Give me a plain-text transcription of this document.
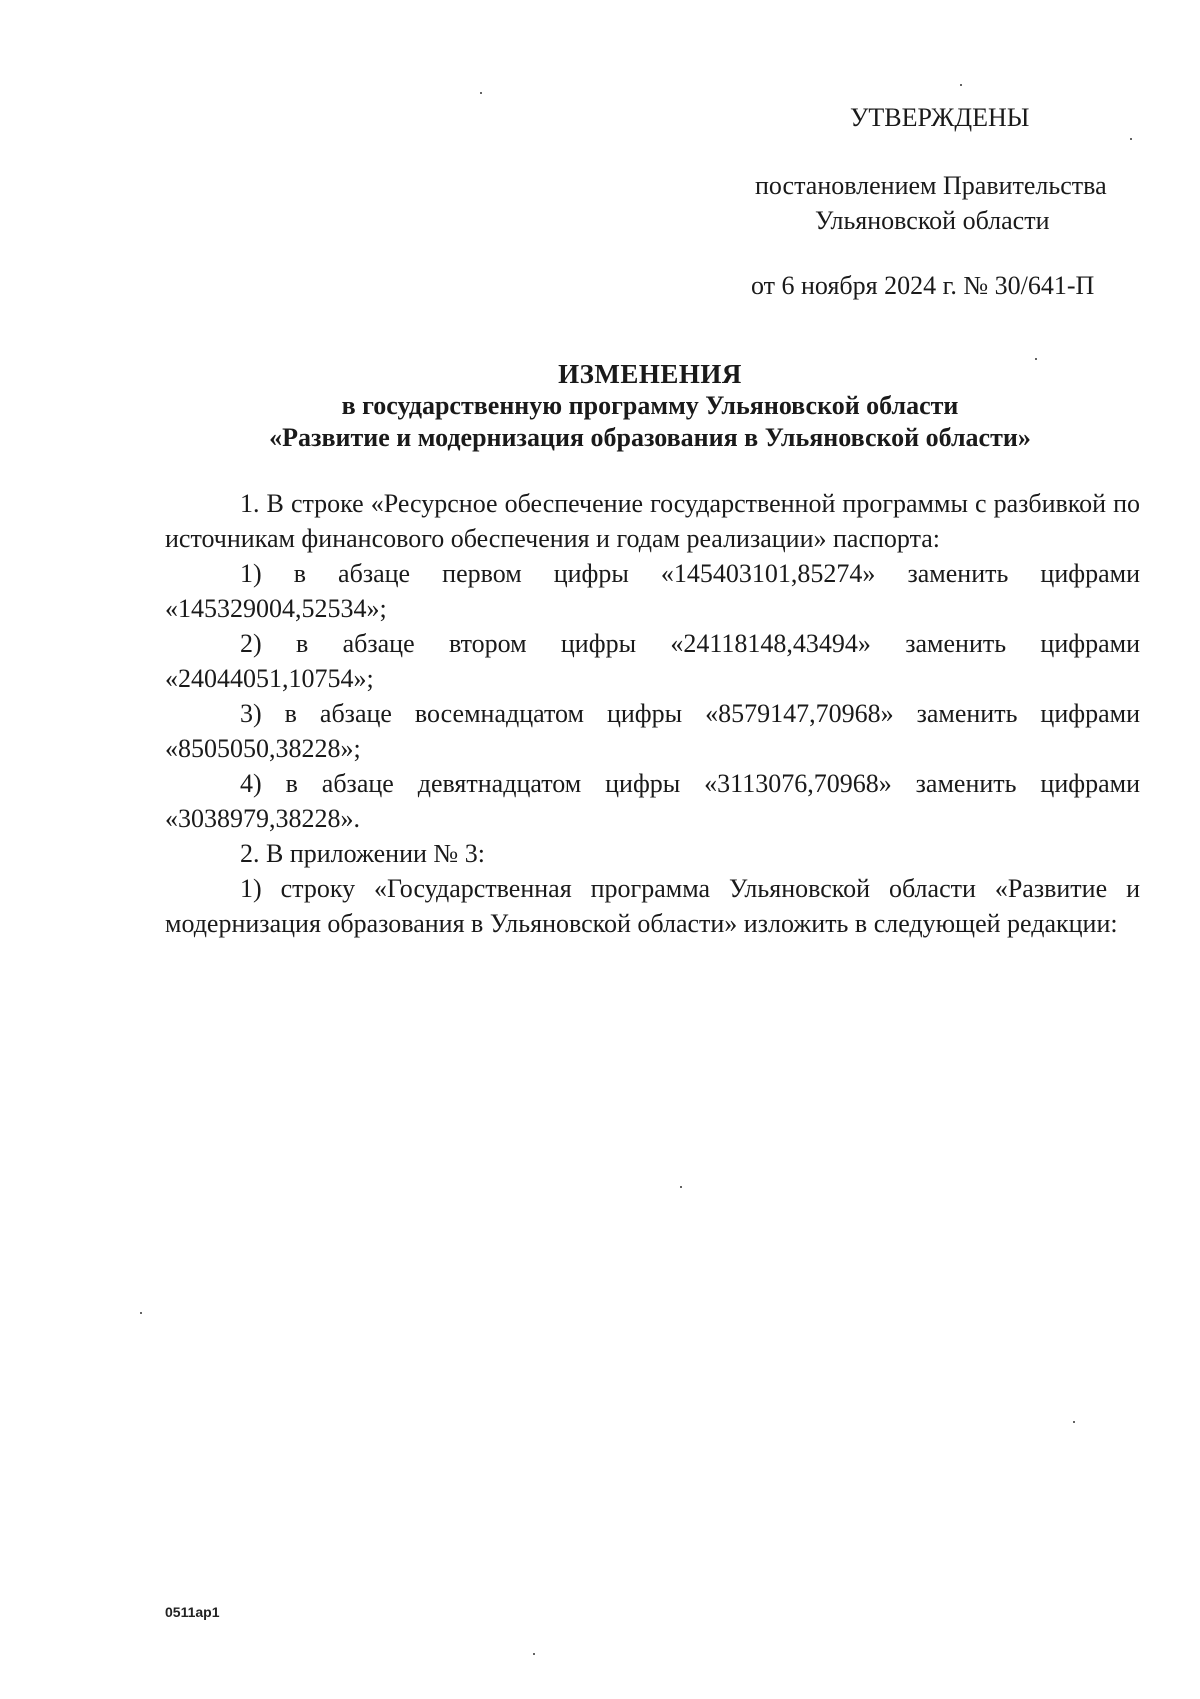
УТВЕРЖДЕНЫ
постановлением Правительства
Ульяновской области
от 6 ноября 2024 г. № 30/641-П
ИЗМЕНЕНИЯ
в государственную программу Ульяновской области
«Развитие и модернизация образования в Ульяновской области»

1. В строке «Ресурсное обеспечение государственной программы с разбивкой по источникам финансового обеспечения и годам реализации» паспорта:

1) в абзаце первом цифры «145403101,85274» заменить цифрами «145329004,52534»;

2) в абзаце втором цифры «24118148,43494» заменить цифрами «24044051,10754»;

3) в абзаце восемнадцатом цифры «8579147,70968» заменить цифрами «8505050,38228»;

4) в абзаце девятнадцатом цифры «3113076,70968» заменить цифрами «3038979,38228».

2. В приложении № 3:

1) строку «Государственная программа Ульяновской области «Развитие и модернизация образования в Ульяновской области» изложить в следующей редакции:

0511ap1
